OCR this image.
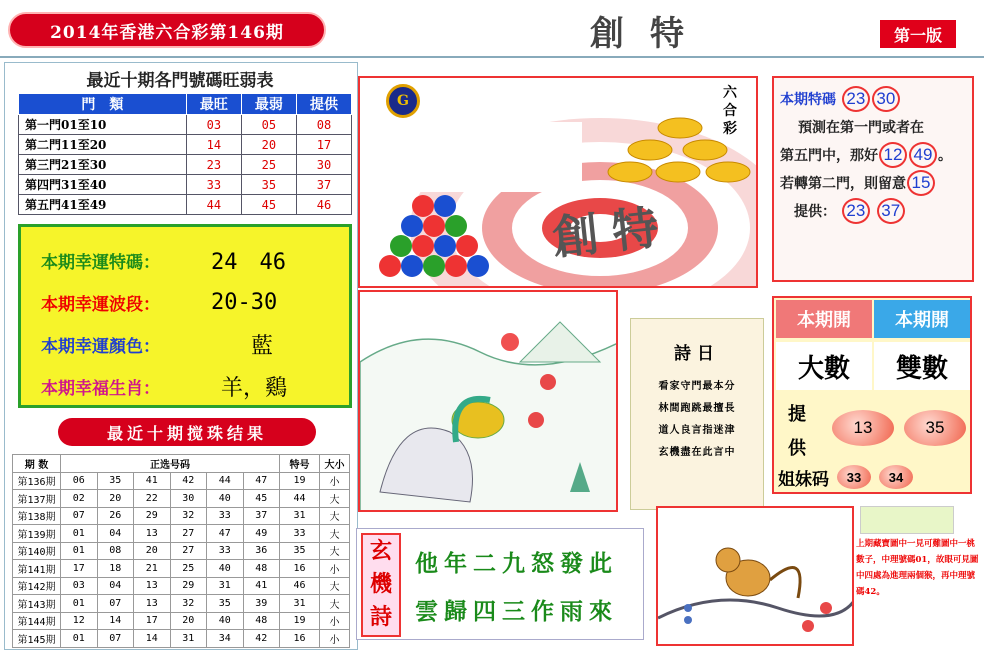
2014年香港六合彩第146期	創特	第一版
最近十期各門號碼旺弱表
門　類	最旺	最弱	提供
第一門01至10	03	05	08
第二門11至20	14	20	17
第三門21至30	23	25	30
第四門31至40	33	35	37
第五門41至49	44	45	46
本期幸運特碼：	24　46
本期幸運波段：	20-30
本期幸運顏色：	藍
本期幸福生肖：	羊，鷄
最近十期搅珠结果
期 数	正选号码						特号	大小
第136期	06	35	41	42	44	47	19	小
第137期	02	20	22	30	40	45	44	大
第138期	07	26	29	32	33	37	31	大
第139期	01	04	13	27	47	49	33	大
第140期	01	08	20	27	33	36	35	大
第141期	17	18	21	25	40	48	16	小
第142期	03	04	13	29	31	41	46	大
第143期	01	07	13	32	35	39	31	大
第144期	12	14	17	20	40	48	19	小
第145期	01	07	14	31	34	42	16	小
G	六合彩
創特
本期特碼 23 30
預測在第一門或者在
第五門中，那好 12 49 。
若轉第二門，則留意 15
提供： 23 37
詩日
看家守門最本分
林間跑跳最擅長
道人良言指迷津
玄機盡在此言中
本期開	本期開
大數	雙數
提供
13	35
姐妹码	33	34
玄機詩
他年二九怒發此
雲歸四三作雨來
上期藏寶圖中一見可難圖中一桃數子，中理號碼01，故眼可見圖中四處為進理兩個猴，再中理號碼42。
